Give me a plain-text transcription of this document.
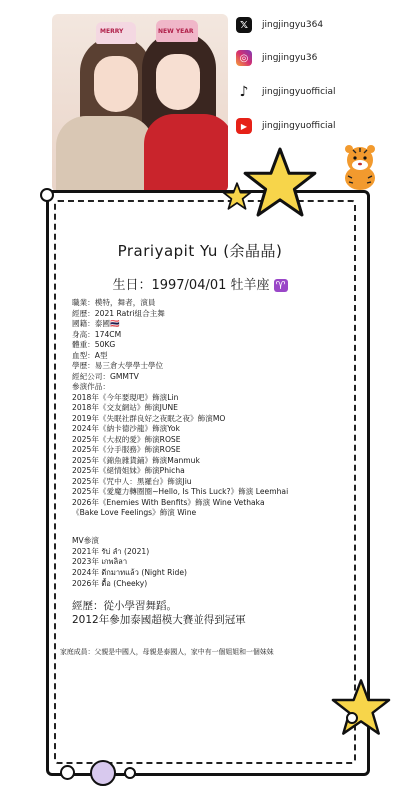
MERRY	NEW YEAR
𝕏	jingjingyu364
◎	jingjingyu36
♪	jingjingyuofficial
▶	jingjingyuofficial
Prariyapit Yu (余晶晶)
生日：1997/04/01 牡羊座 ♈
職業：模特，舞者，演員
經歷：2021 Ratri組合主舞
國籍：泰國🇹🇭
身高：174CM
體重：50KG
血型：A型
學歷：易三倉大學學士學位
經紀公司：GMMTV
參演作品：
2018年《今年要現吧》飾演Lin
2018年《交友網站》飾演JUNE
2019年《失眠社群良好之夜眠之夜》飾演MO
2024年《納卡德沙龍》飾演Yok
2025年《大叔的愛》飾演ROSE
2025年《分手服務》飾演ROSE
2025年《錦魚雜貨鋪》飾演Manmuk
2025年《絕情姐妹》飾演Phicha
2025年《咒中人：黑羅台》飾演Jiu
2025年《愛魔力轉圈圈~Hello, Is This Luck?》飾演 Leemhai
2026年《Enemies With Benfits》飾演 Wine Vethaka
《Bake Love Feelings》飾演 Wine
MV參演
2021年 รับ่ ลำ (2021)
2023年 เกพลิลา
2024年 ดีกมาทแล้ว (Night Ride)
2026年 ดื้อ (Cheeky)
經歷：從小學習舞蹈。
2012年參加泰國超模大賽並得到冠軍
家庭成員：父親是中國人，母親是泰國人，家中有一個姐姐和一個妹妹
